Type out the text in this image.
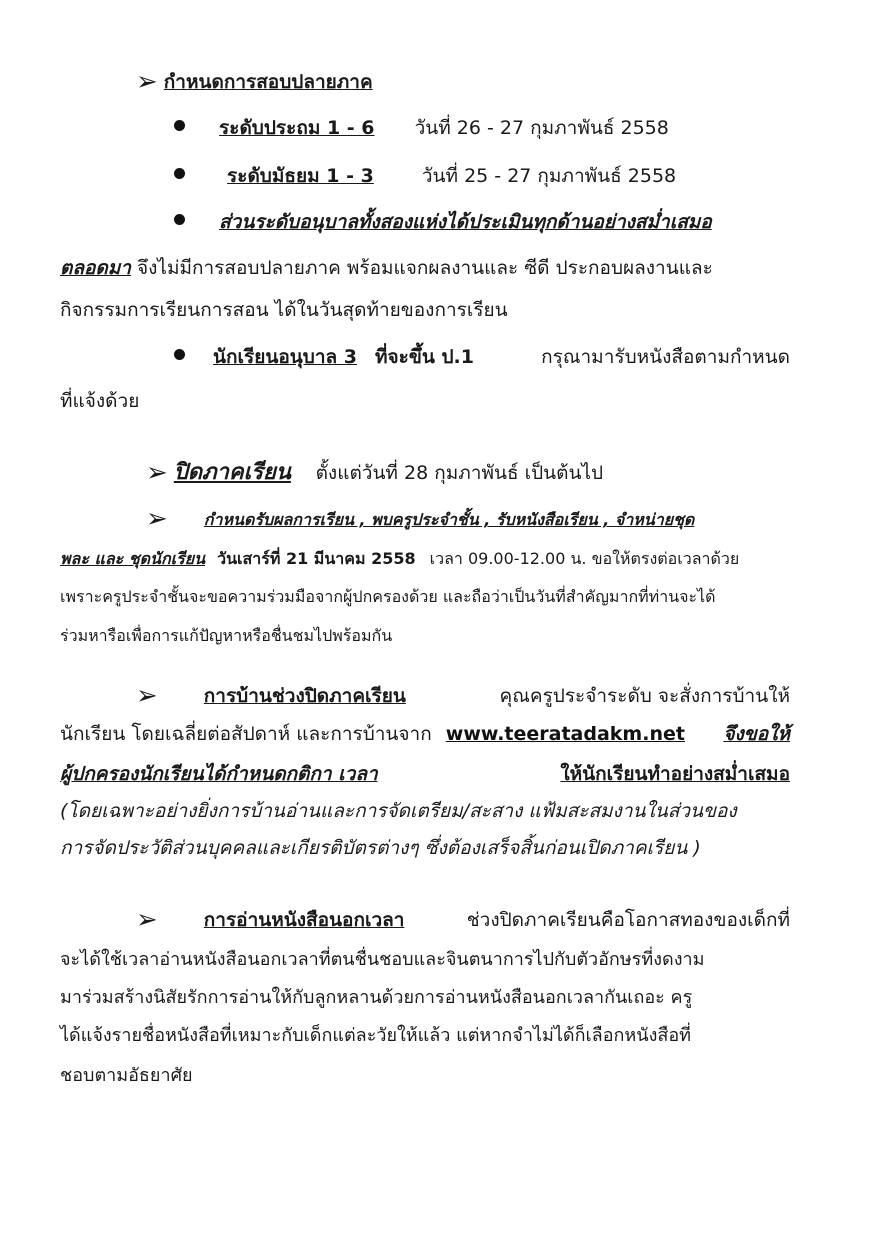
➢ กำหนดการสอบปลายภาค
ระดับประถม 1 - 6 วันที่ 26 - 27 กุมภาพันธ์ 2558
ระดับมัธยม 1 - 3	วันที่ 25 - 27 กุมภาพันธ์ 2558
ส่วนระดับอนุบาลทั้งสองแห่งได้ประเมินทุกด้านอย่างสม่ำเสมอ
ตลอดมา จึงไม่มีการสอบปลายภาค พร้อมแจกผลงานและ ซีดี ประกอบผลงานและ
กิจกรรมการเรียนการสอน ได้ในวันสุดท้ายของการเรียน
นักเรียนอนุบาล 3 ที่จะขึ้น ป.1	กรุณามารับหนังสือตามกำหนด
ที่แจ้งด้วย
➢ ปิดภาคเรียน ตั้งแต่วันที่ 28 กุมภาพันธ์ เป็นต้นไป
➢ กำหนดรับผลการเรียน , พบครูประจำชั้น , รับหนังสือเรียน , จำหน่ายชุด
พละ และ ชุดนักเรียน วันเสาร์ที่ 21 มีนาคม 2558 เวลา 09.00-12.00 น. ขอให้ตรงต่อเวลาด้วย
เพราะครูประจำชั้นจะขอความร่วมมือจากผู้ปกครองด้วย และถือว่าเป็นวันที่สำคัญมากที่ท่านจะได้
ร่วมหารือเพื่อการแก้ปัญหาหรือชื่นชมไปพร้อมกัน
➢ การบ้านช่วงปิดภาคเรียน	คุณครูประจำระดับ จะสั่งการบ้านให้
นักเรียน โดยเฉลี่ยต่อสัปดาห์ และการบ้านจาก www.teeratadakm.net จึงขอให้
ผู้ปกครองนักเรียนได้กำหนดกติกา เวลา	ให้นักเรียนทำอย่างสม่ำเสมอ
(โดยเฉพาะอย่างยิ่งการบ้านอ่านและการจัดเตรียม/สะสาง แฟ้มสะสมงานในส่วนของ
การจัดประวัติส่วนบุคคลและเกียรติบัตรต่างๆ ซึ่งต้องเสร็จสิ้นก่อนเปิดภาคเรียน )
➢ การอ่านหนังสือนอกเวลา	ช่วงปิดภาคเรียนคือโอกาสทองของเด็กที่
จะได้ใช้เวลาอ่านหนังสือนอกเวลาที่ตนชื่นชอบและจินตนาการไปกับตัวอักษรที่งดงาม
มาร่วมสร้างนิสัยรักการอ่านให้กับลูกหลานด้วยการอ่านหนังสือนอกเวลากันเถอะ ครู
ได้แจ้งรายชื่อหนังสือที่เหมาะกับเด็กแต่ละวัยให้แล้ว แต่หากจำไม่ได้ก็เลือกหนังสือที่
ชอบตามอัธยาศัย
